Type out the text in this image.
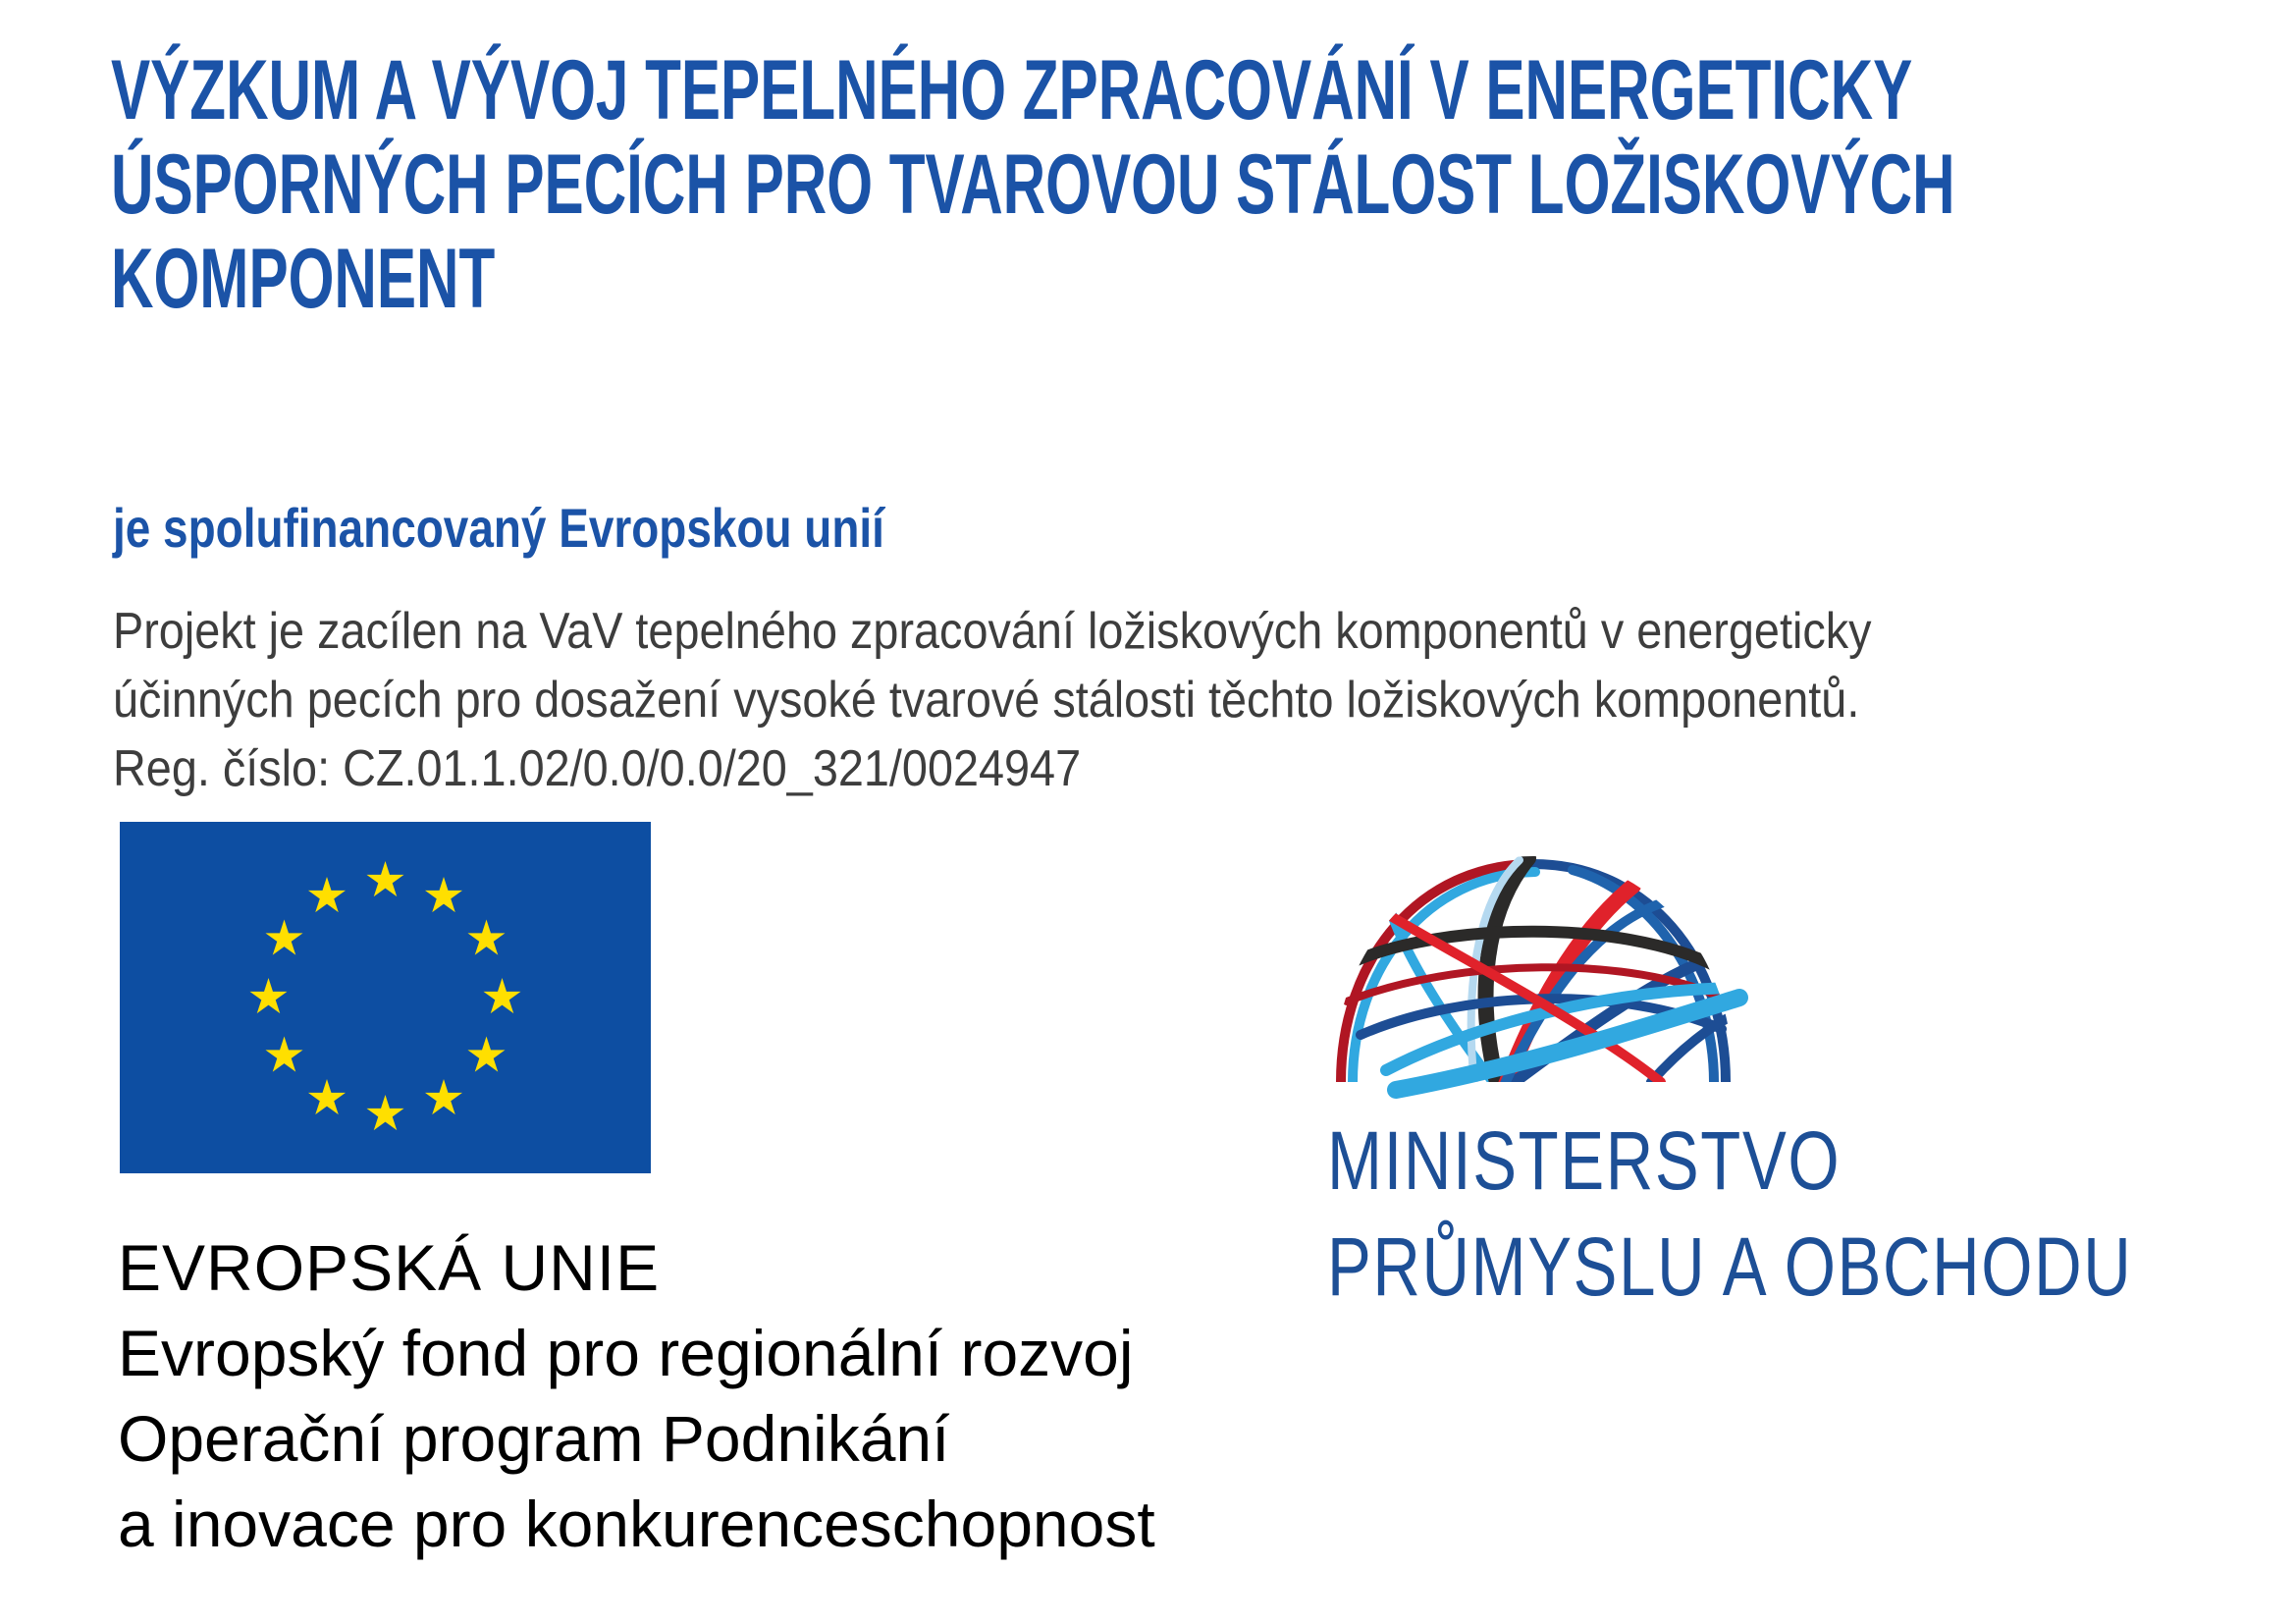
VÝZKUM A VÝVOJ TEPELNÉHO ZPRACOVÁNÍ V ENERGETICKY
ÚSPORNÝCH PECÍCH PRO TVAROVOU STÁLOST LOŽISKOVÝCH
KOMPONENT
je spolufinancovaný Evropskou unií
Projekt je zacílen na VaV tepelného zpracování ložiskových komponentů v energeticky
účinných pecích pro dosažení vysoké tvarové stálosti těchto ložiskových komponentů.
Reg. číslo: CZ.01.1.02/0.0/0.0/20_321/0024947
EVROPSKÁ UNIE
Evropský fond pro regionální rozvoj
Operační program Podnikání
a inovace pro konkurenceschopnost
MINISTERSTVO
PRŮMYSLU A OBCHODU
